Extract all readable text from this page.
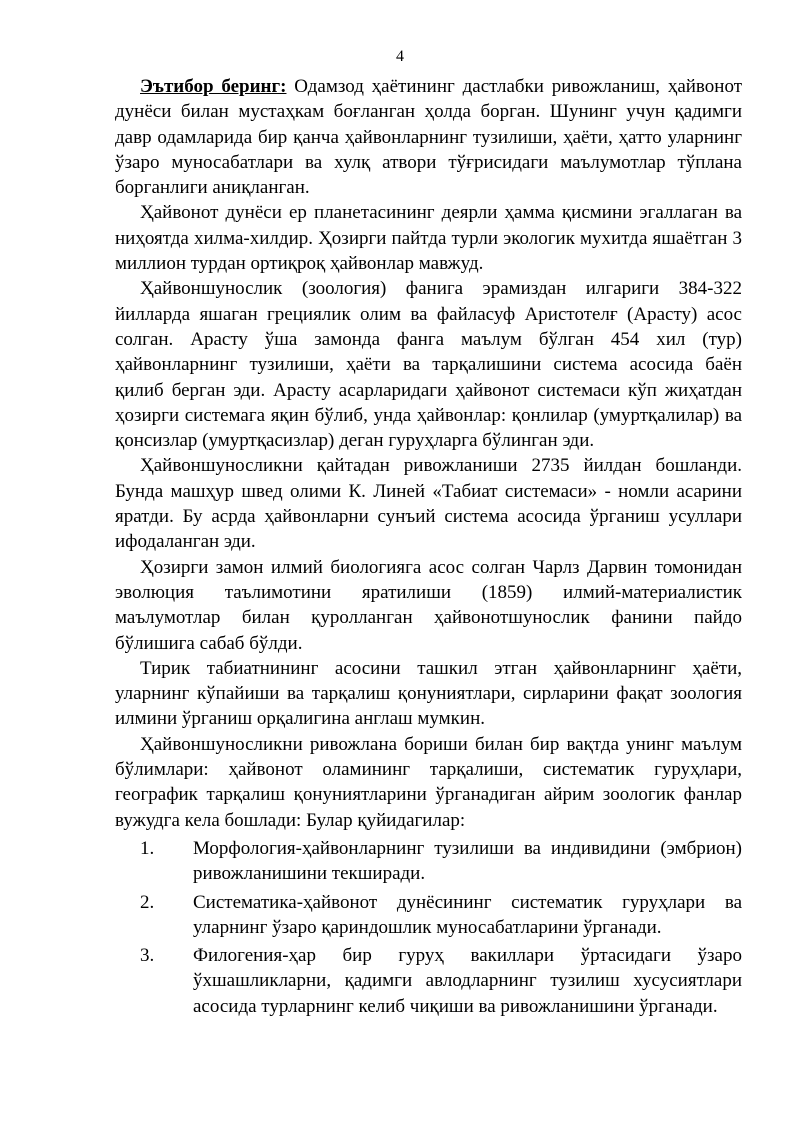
4

Эътибор беринг: Одамзод ҳаётининг дастлабки ривожланиш, ҳайвонот дунёси билан мустаҳкам боғланган ҳолда борган. Шунинг учун қадимги давр одамларида бир қанча ҳайвонларнинг тузилиши, ҳаёти, ҳатто уларнинг ўзаро муносабатлари ва хулқ атвори тўғрисидаги маълумотлар тўплана борганлиги аниқланган.

Ҳайвонот дунёси ер планетасининг деярли ҳамма қисмини эгаллаган ва ниҳоятда хилма-хилдир. Ҳозирги пайтда турли экологик мухитда яшаётган 3 миллион турдан ортиқроқ ҳайвонлар мавжуд.

Ҳайвоншунослик (зоология) фанига эрамиздан илгариги 384-322 йилларда яшаган грециялик олим ва файласуф Аристотелғ (Арасту) асос солган. Арасту ўша замонда фанга маълум бўлган 454 хил (тур) ҳайвонларнинг тузилиши, ҳаёти ва тарқалишини система асосида баён қилиб берган эди. Арасту асарларидаги ҳайвонот системаси кўп жиҳатдан ҳозирги системага яқин бўлиб, унда ҳайвонлар: қонлилар (умуртқалилар) ва қонсизлар (умуртқасизлар) деган гуруҳларга бўлинган эди.

Ҳайвоншуносликни қайтадан ривожланиши 2735 йилдан бошланди. Бунда машҳур швед олими К. Линей «Табиат системаси» - номли асарини яратди. Бу асрда ҳайвонларни сунъий система асосида ўрганиш усуллари ифодаланган эди.

Ҳозирги замон илмий биологияга асос солган Чарлз Дарвин томонидан эволюция таълимотини яратилиши (1859) илмий-материалистик маълумотлар билан қуролланган ҳайвонотшунослик фанини пайдо бўлишига сабаб бўлди.

Тирик табиатнининг асосини ташкил этган ҳайвонларнинг ҳаёти, уларнинг кўпайиши ва тарқалиш қонуниятлари, сирларини фақат зоология илмини ўрганиш орқалигина англаш мумкин.

Ҳайвоншуносликни ривожлана бориши билан бир вақтда унинг маълум бўлимлари: ҳайвонот оламининг тарқалиши, систематик гуруҳлари, географик тарқалиш қонуниятларини ўрганадиган айрим зоологик фанлар вужудга кела бошлади: Булар қуйидагилар:

1. Морфология-ҳайвонларнинг тузилиши ва индивидини (эмбрион) ривожланишини текширади.
2. Систематика-ҳайвонот дунёсининг систематик гуруҳлари ва уларнинг ўзаро қариндошлик муносабатларини ўрганади.
3. Филогения-ҳар бир гуруҳ вакиллари ўртасидаги ўзаро ўхшашликларни, қадимги авлодларнинг тузилиш хусусиятлари асосида турларнинг келиб чиқиши ва ривожланишини ўрганади.
